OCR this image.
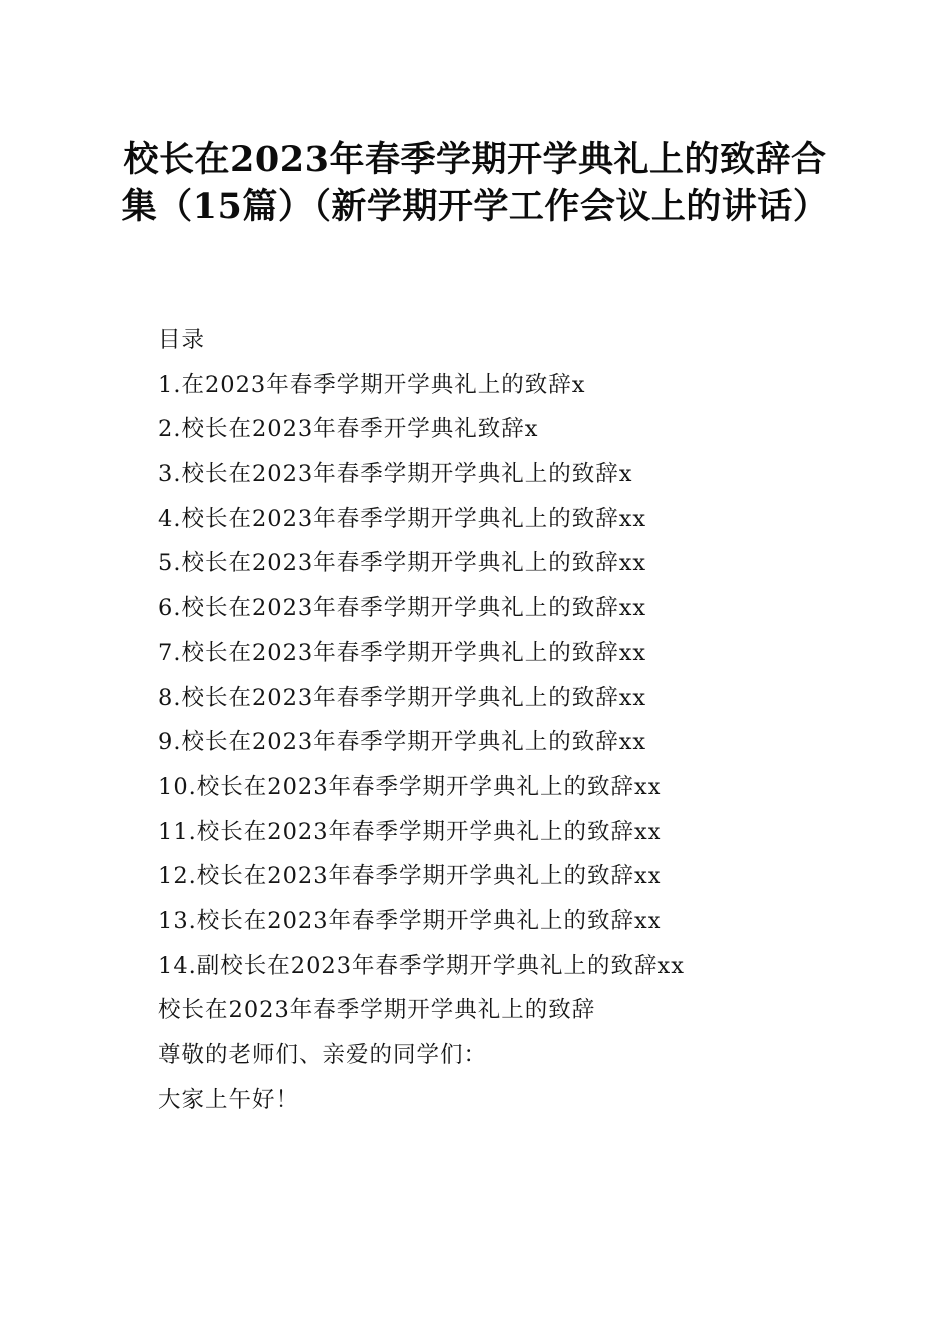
校长在2023年春季学期开学典礼上的致辞合集（15篇）（新学期开学工作会议上的讲话）
目录
1.在2023年春季学期开学典礼上的致辞x
2.校长在2023年春季开学典礼致辞x
3.校长在2023年春季学期开学典礼上的致辞x
4.校长在2023年春季学期开学典礼上的致辞xx
5.校长在2023年春季学期开学典礼上的致辞xx
6.校长在2023年春季学期开学典礼上的致辞xx
7.校长在2023年春季学期开学典礼上的致辞xx
8.校长在2023年春季学期开学典礼上的致辞xx
9.校长在2023年春季学期开学典礼上的致辞xx
10.校长在2023年春季学期开学典礼上的致辞xx
11.校长在2023年春季学期开学典礼上的致辞xx
12.校长在2023年春季学期开学典礼上的致辞xx
13.校长在2023年春季学期开学典礼上的致辞xx
14.副校长在2023年春季学期开学典礼上的致辞xx
校长在2023年春季学期开学典礼上的致辞
尊敬的老师们、亲爱的同学们：
大家上午好！
